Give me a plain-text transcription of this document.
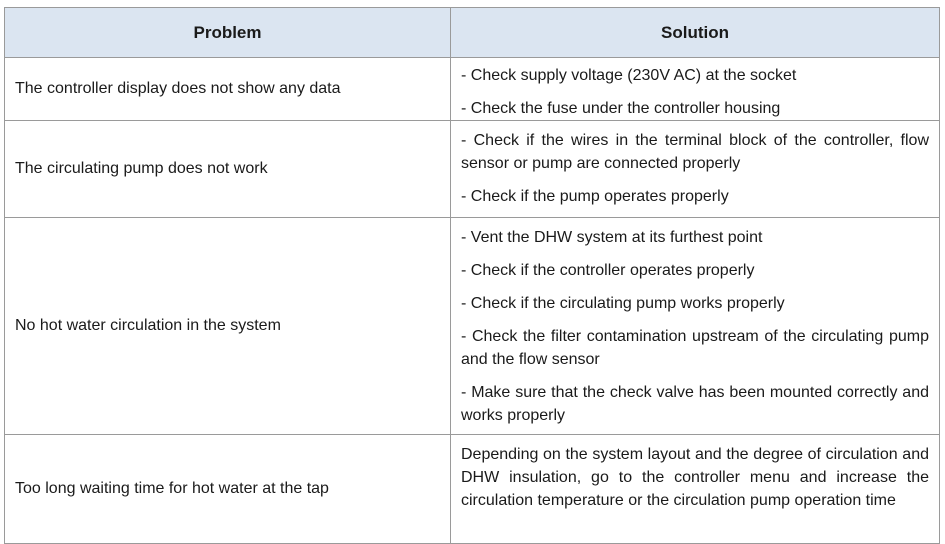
Problem	Solution
The controller display does not show any data	- Check supply voltage (230V AC) at the socket
- Check the fuse under the controller housing

The circulating pump does not work	- Check if the wires in the terminal block of the controller, flow sensor or pump are connected properly
- Check if the pump operates properly

No hot water circulation in the system	- Vent the DHW system at its furthest point
- Check if the controller operates properly
- Check if the circulating pump works properly
- Check the filter contamination upstream of the circulating pump and the flow sensor
- Make sure that the check valve has been mounted correctly and works properly

Too long waiting time for hot water at the tap	Depending on the system layout and the degree of circulation and DHW insulation, go to the controller menu and increase the circulation temperature or the circulation pump operation time
